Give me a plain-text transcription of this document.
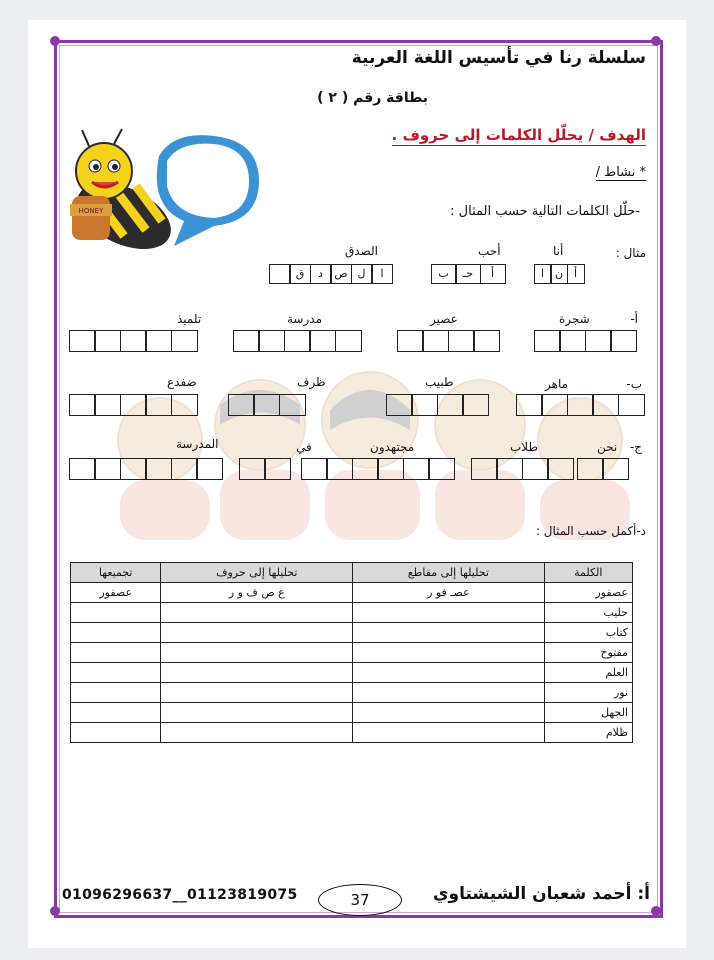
HONEY
سلسلة رنا في تأسيس اللغة العربية
بطاقة رقم ( ٢ )
الهدف / يحلّل الكلمات إلى حروف .
* نشاط /
-حلّل الكلمات التالية حسب المثال :
مثال :
أنا
أحب
الصدق
أ
ن
ا
أ
حـ
ب
ا
ل
ص
د
ق
أ-
شجرة
عصير
مدرسة
تلميذ
ب-
ماهر
طبيب
ظرف
ضفدع
ج-
نحن
طلاب
مجتهدون
في
المدرسة
د-أكمل حسب المثال :
الكلمة	تحليلها إلى مقاطع	تحليلها إلى حروف	تجميعها
عصفور	عصـ فو ر	ع ص ف و ر	عصفور
حليب			
كتاب			
مفتوح			
العلم			
نور			
الجهل			
ظلام			
أ: أحمد شعبان الشيشتاوي
37
01096296637__01123819075
